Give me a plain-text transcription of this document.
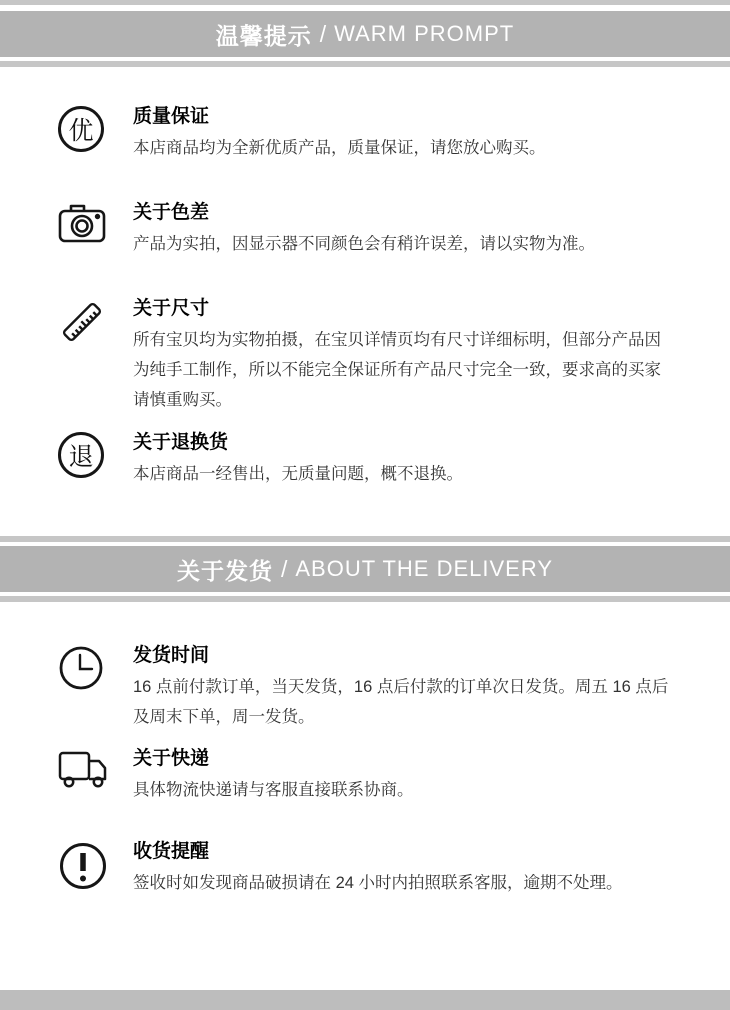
温馨提示 / WARM PROMPT
优
质量保证
本店商品均为全新优质产品，质量保证，请您放心购买。
关于色差
产品为实拍，因显示器不同颜色会有稍许误差，请以实物为准。
关于尺寸
所有宝贝均为实物拍摄，在宝贝详情页均有尺寸详细标明，但部分产品因为纯手工制作，所以不能完全保证所有产品尺寸完全一致，要求高的买家请慎重购买。
退
关于退换货
本店商品一经售出，无质量问题，概不退换。
关于发货 / ABOUT THE DELIVERY
发货时间
16 点前付款订单，当天发货，16 点后付款的订单次日发货。周五 16 点后及周末下单，周一发货。
关于快递
具体物流快递请与客服直接联系协商。
收货提醒
签收时如发现商品破损请在 24 小时内拍照联系客服，逾期不处理。
